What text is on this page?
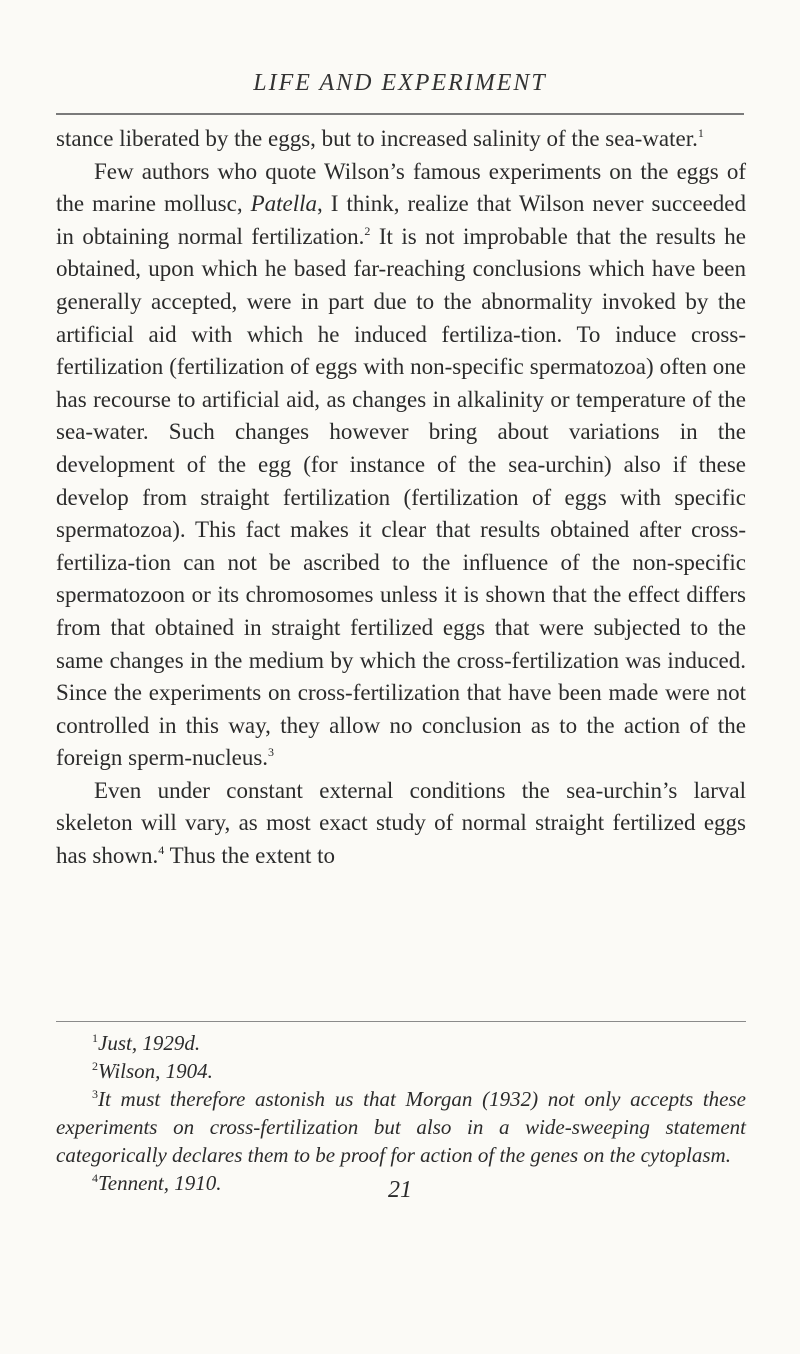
LIFE AND EXPERIMENT

stance liberated by the eggs, but to increased salinity of the sea-water.$^1$

Few authors who quote Wilson’s famous experiments on the eggs of the marine mollusc, Patella, I think, realize that Wilson never succeeded in obtaining normal fertilization.$^2$ It is not improbable that the results he obtained, upon which he based far-reaching conclusions which have been generally accepted, were in part due to the abnormality invoked by the artificial aid with which he induced fertiliza-tion. To induce cross-fertilization (fertilization of eggs with non-specific spermatozoa) often one has recourse to artificial aid, as changes in alkalinity or temperature of the sea-water. Such changes however bring about variations in the development of the egg (for instance of the sea-urchin) also if these develop from straight fertilization (fertilization of eggs with specific spermatozoa). This fact makes it clear that results obtained after cross-fertiliza-tion can not be ascribed to the influence of the non-specific spermatozoon or its chromosomes unless it is shown that the effect differs from that obtained in straight fertilized eggs that were subjected to the same changes in the medium by which the cross-fertilization was induced. Since the experiments on cross-fertilization that have been made were not controlled in this way, they allow no conclusion as to the action of the foreign sperm-nucleus.$^3$

Even under constant external conditions the sea-urchin’s larval skeleton will vary, as most exact study of normal straight fertilized eggs has shown.$^4$ Thus the extent to

$^1$Just, 1929d.

$^2$Wilson, 1904.

$^3$It must therefore astonish us that Morgan (1932) not only accepts these experiments on cross-fertilization but also in a wide-sweeping statement categorically declares them to be proof for action of the genes on the cytoplasm.

$^4$Tennent, 1910.	21
